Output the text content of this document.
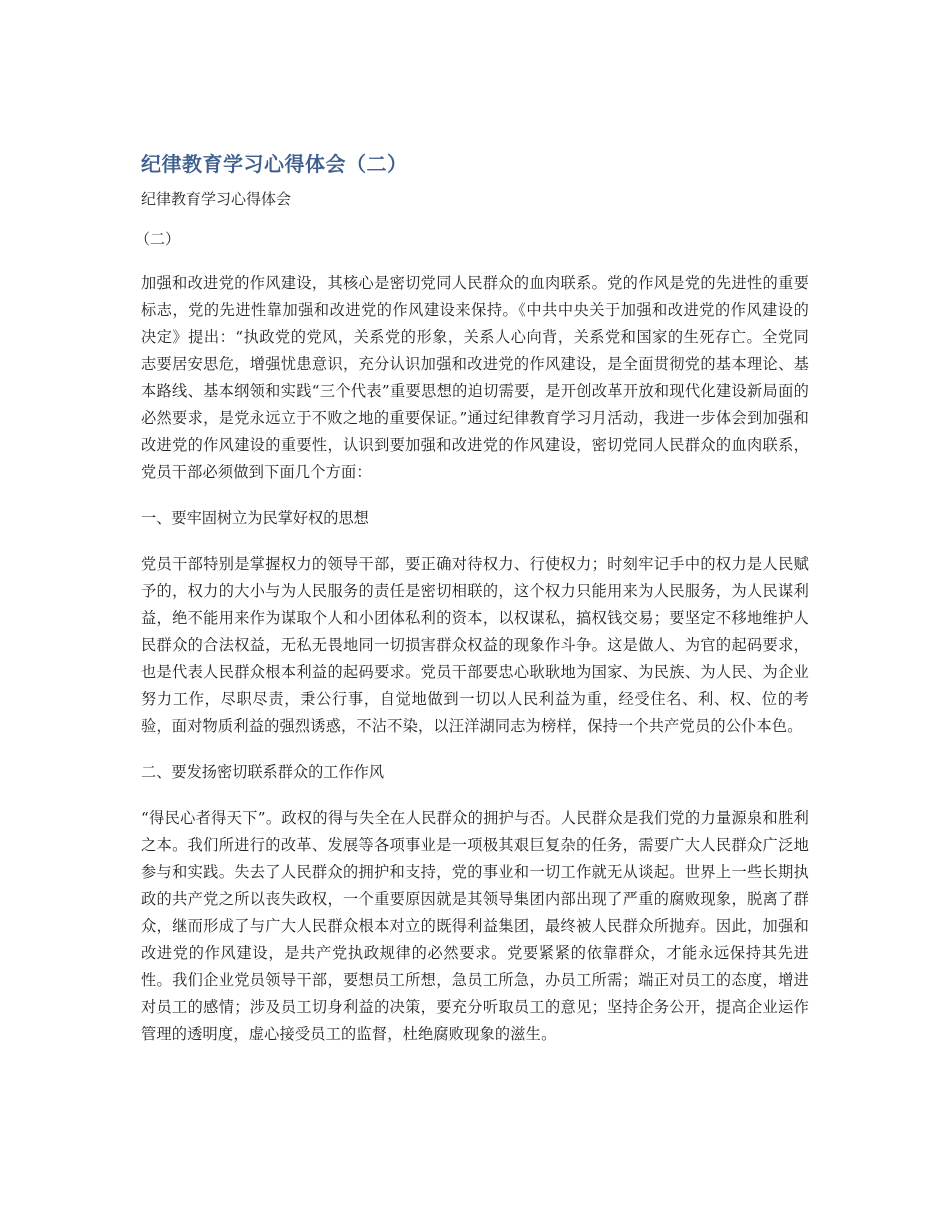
纪律教育学习心得体会（二）
纪律教育学习心得体会
（二）

加强和改进党的作风建设，其核心是密切党同人民群众的血肉联系。党的作风是党的先进性的重要标志，党的先进性靠加强和改进党的作风建设来保持。《中共中央关于加强和改进党的作风建设的决定》提出：“执政党的党风，关系党的形象，关系人心向背，关系党和国家的生死存亡。全党同志要居安思危，增强忧患意识，充分认识加强和改进党的作风建设，是全面贯彻党的基本理论、基本路线、基本纲领和实践“三个代表”重要思想的迫切需要，是开创改革开放和现代化建设新局面的必然要求，是党永远立于不败之地的重要保证。”通过纪律教育学习月活动，我进一步体会到加强和改进党的作风建设的重要性，认识到要加强和改进党的作风建设，密切党同人民群众的血肉联系，党员干部必须做到下面几个方面：

一、要牢固树立为民掌好权的思想

党员干部特别是掌握权力的领导干部，要正确对待权力、行使权力；时刻牢记手中的权力是人民赋予的，权力的大小与为人民服务的责任是密切相联的，这个权力只能用来为人民服务，为人民谋利益，绝不能用来作为谋取个人和小团体私利的资本，以权谋私，搞权钱交易；要坚定不移地维护人民群众的合法权益，无私无畏地同一切损害群众权益的现象作斗争。这是做人、为官的起码要求，也是代表人民群众根本利益的起码要求。党员干部要忠心耿耿地为国家、为民族、为人民、为企业努力工作，尽职尽责，秉公行事，自觉地做到一切以人民利益为重，经受住名、利、权、位的考验，面对物质利益的强烈诱惑，不沾不染，以汪洋湖同志为榜样，保持一个共产党员的公仆本色。

二、要发扬密切联系群众的工作作风

“得民心者得天下”。政权的得与失全在人民群众的拥护与否。人民群众是我们党的力量源泉和胜利之本。我们所进行的改革、发展等各项事业是一项极其艰巨复杂的任务，需要广大人民群众广泛地参与和实践。失去了人民群众的拥护和支持，党的事业和一切工作就无从谈起。世界上一些长期执政的共产党之所以丧失政权，一个重要原因就是其领导集团内部出现了严重的腐败现象，脱离了群众，继而形成了与广大人民群众根本对立的既得利益集团，最终被人民群众所抛弃。因此，加强和改进党的作风建设，是共产党执政规律的必然要求。党要紧紧的依靠群众，才能永远保持其先进性。我们企业党员领导干部，要想员工所想，急员工所急，办员工所需；端正对员工的态度，增进对员工的感情；涉及员工切身利益的决策，要充分听取员工的意见；坚持企务公开，提高企业运作管理的透明度，虚心接受员工的监督，杜绝腐败现象的滋生。
